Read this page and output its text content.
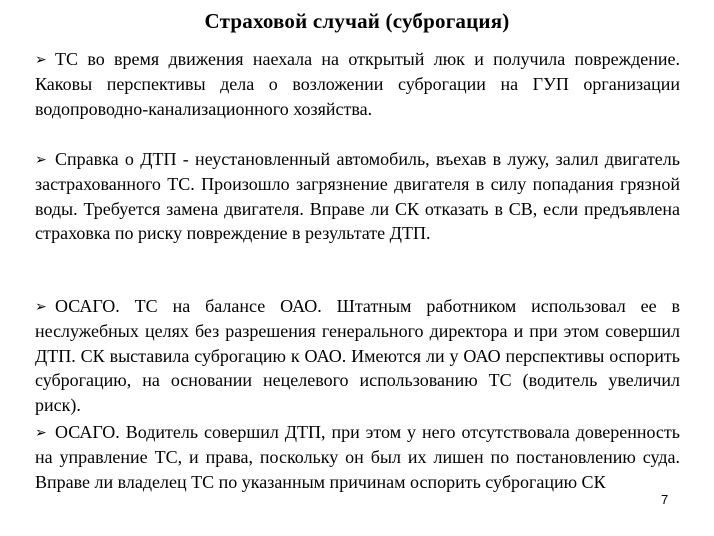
Страховой случай (суброгация)
➢ ТС во время движения наехала на открытый люк и получила повреждение. Каковы перспективы дела о возложении суброгации на ГУП организации водопроводно-канализационного хозяйства.
➢ Справка о ДТП - неустановленный автомобиль, въехав в лужу, залил двигатель застрахованного ТС. Произошло загрязнение двигателя в силу попадания грязной воды. Требуется замена двигателя. Вправе ли СК отказать в СВ, если предъявлена страховка по риску повреждение в результате ДТП.
➢ ОСАГО. ТС на балансе ОАО. Штатным работником использовал ее в неслужебных целях без разрешения генерального директора и при этом совершил ДТП. СК выставила суброгацию к ОАО. Имеются ли у ОАО перспективы оспорить суброгацию, на основании нецелевого использованию ТС (водитель увеличил риск).
➢ ОСАГО. Водитель совершил ДТП, при этом у него отсутствовала доверенность на управление ТС, и права, поскольку он был их лишен по постановлению суда. Вправе ли владелец ТС по указанным причинам оспорить суброгацию СК
7
